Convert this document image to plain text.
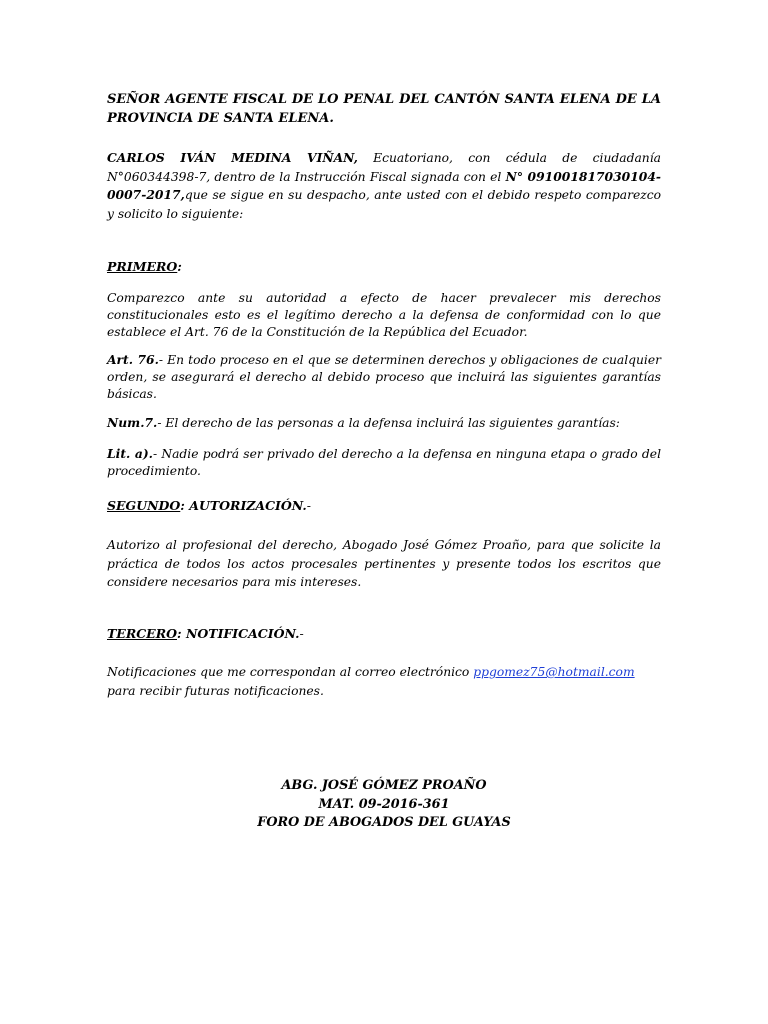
SEÑOR AGENTE FISCAL DE LO PENAL DEL CANTÓN SANTA ELENA DE LA PROVINCIA DE SANTA ELENA.

CARLOS IVÁN MEDINA VIÑAN, Ecuatoriano, con cédula de ciudadanía N°060344398-7, dentro de la Instrucción Fiscal signada con el N° 091001817030104-0007-2017,que se sigue en su despacho, ante usted con el debido respeto comparezco y solicito lo siguiente:

PRIMERO:

Comparezco ante su autoridad a efecto de hacer prevalecer mis derechos constitucionales esto es el legítimo derecho a la defensa de conformidad con lo que establece el Art. 76 de la Constitución de la República del Ecuador.

Art. 76.- En todo proceso en el que se determinen derechos y obligaciones de cualquier orden, se asegurará el derecho al debido proceso que incluirá las siguientes garantías básicas.

Num.7.- El derecho de las personas a la defensa incluirá las siguientes garantías:

Lit. a).- Nadie podrá ser privado del derecho a la defensa en ninguna etapa o grado del procedimiento.

SEGUNDO: AUTORIZACIÓN.-

Autorizo al profesional del derecho, Abogado José Gómez Proaño, para que solicite la práctica de todos los actos procesales pertinentes y presente todos los escritos que considere necesarios para mis intereses.

TERCERO: NOTIFICACIÓN.-

Notificaciones que me correspondan al correo electrónico ppgomez75@hotmail.com
para recibir futuras notificaciones.

ABG. JOSÉ GÓMEZ PROAÑO
MAT. 09-2016-361
FORO DE ABOGADOS DEL GUAYAS
